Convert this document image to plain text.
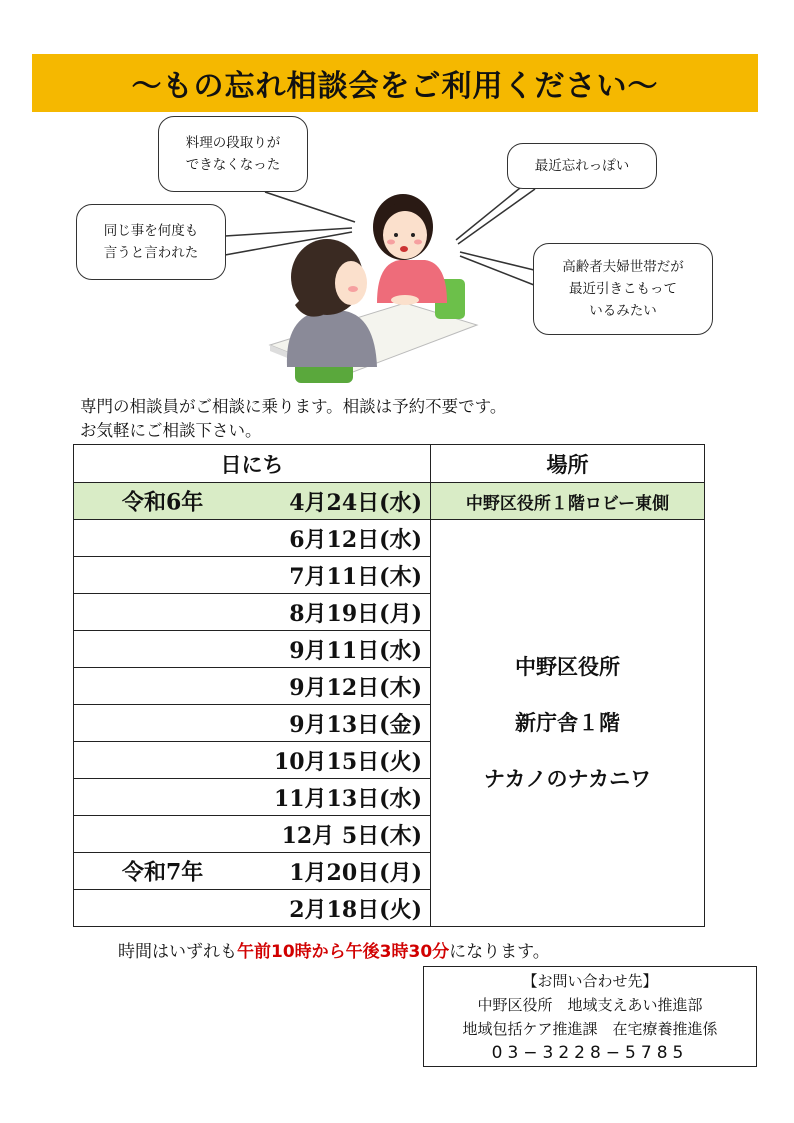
〜もの忘れ相談会をご利用ください〜
料理の段取りが
できなくなった
同じ事を何度も
言うと言われた
最近忘れっぽい
高齢者夫婦世帯だが
最近引きこもって
いるみたい
専門の相談員がご相談に乗ります。相談は予約不要です。
お気軽にご相談下さい。
日にち	場所

令和6年 4月24日(水)	中野区役所１階ロビー東側
6月12日(水)	中野区役所
新庁舎１階
ナカノのナカニワ

7月11日(木)	
8月19日(月)	
9月11日(水)	
9月12日(木)	
9月13日(金)	
10月15日(火)	
11月13日(水)	
12月 5日(木)	

令和7年 1月20日(月)	
2月18日(火)	
時間はいずれも午前10時から午後3時30分になります。
【お問い合わせ先】
中野区役所　地域支えあい推進部
地域包括ケア推進課　在宅療養推進係
03−3228−5785
